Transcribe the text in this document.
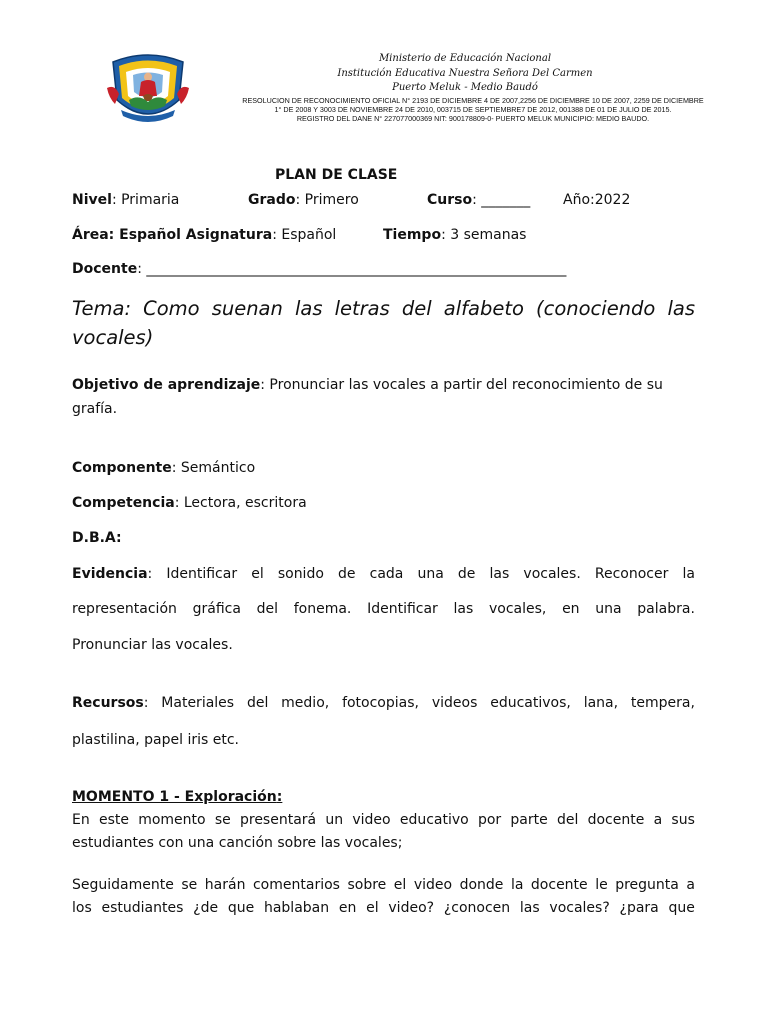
Ministerio de Educación Nacional
Institución Educativa Nuestra Señora Del Carmen
Puerto Meluk - Medio Baudó
RESOLUCION DE RECONOCIMIENTO OFICIAL N° 2193 DE DICIEMBRE 4 DE 2007,2256 DE DICIEMBRE 10 DE 2007, 2259 DE DICIEMBRE
1° DE 2008 Y 3003 DE NOVIEMBRE 24 DE 2010, 003715 DE SEPTIEMBRE7 DE 2012, 001388 DE 01 DE JULIO DE 2015.
REGISTRO DEL DANE N° 227077000369 NIT: 900178809-0- PUERTO MELUK MUNICIPIO: MEDIO BAUDO.
PLAN DE CLASE
Nivel: Primaria	Grado: Primero	Curso: _______ Año:2022
Área: Español Asignatura: Español	Tiempo: 3 semanas
Docente: ____________________________________________________________
Tema: Como suenan las letras del alfabeto (conociendo las
vocales)
Objetivo de aprendizaje: Pronunciar las vocales a partir del reconocimiento de su
grafía.
Componente: Semántico
Competencia: Lectora, escritora
D.B.A:
Evidencia: Identificar el sonido de cada una de las vocales. Reconocer la
representación gráfica del fonema. Identificar las vocales, en una palabra.
Pronunciar las vocales.
Recursos: Materiales del medio, fotocopias, videos educativos, lana, tempera,
plastilina, papel iris etc.
MOMENTO 1 - Exploración:
En este momento se presentará un video educativo por parte del docente a sus
estudiantes con una canción sobre las vocales;
Seguidamente se harán comentarios sobre el video donde la docente le pregunta a
los estudiantes ¿de que hablaban en el video? ¿conocen las vocales? ¿para que
